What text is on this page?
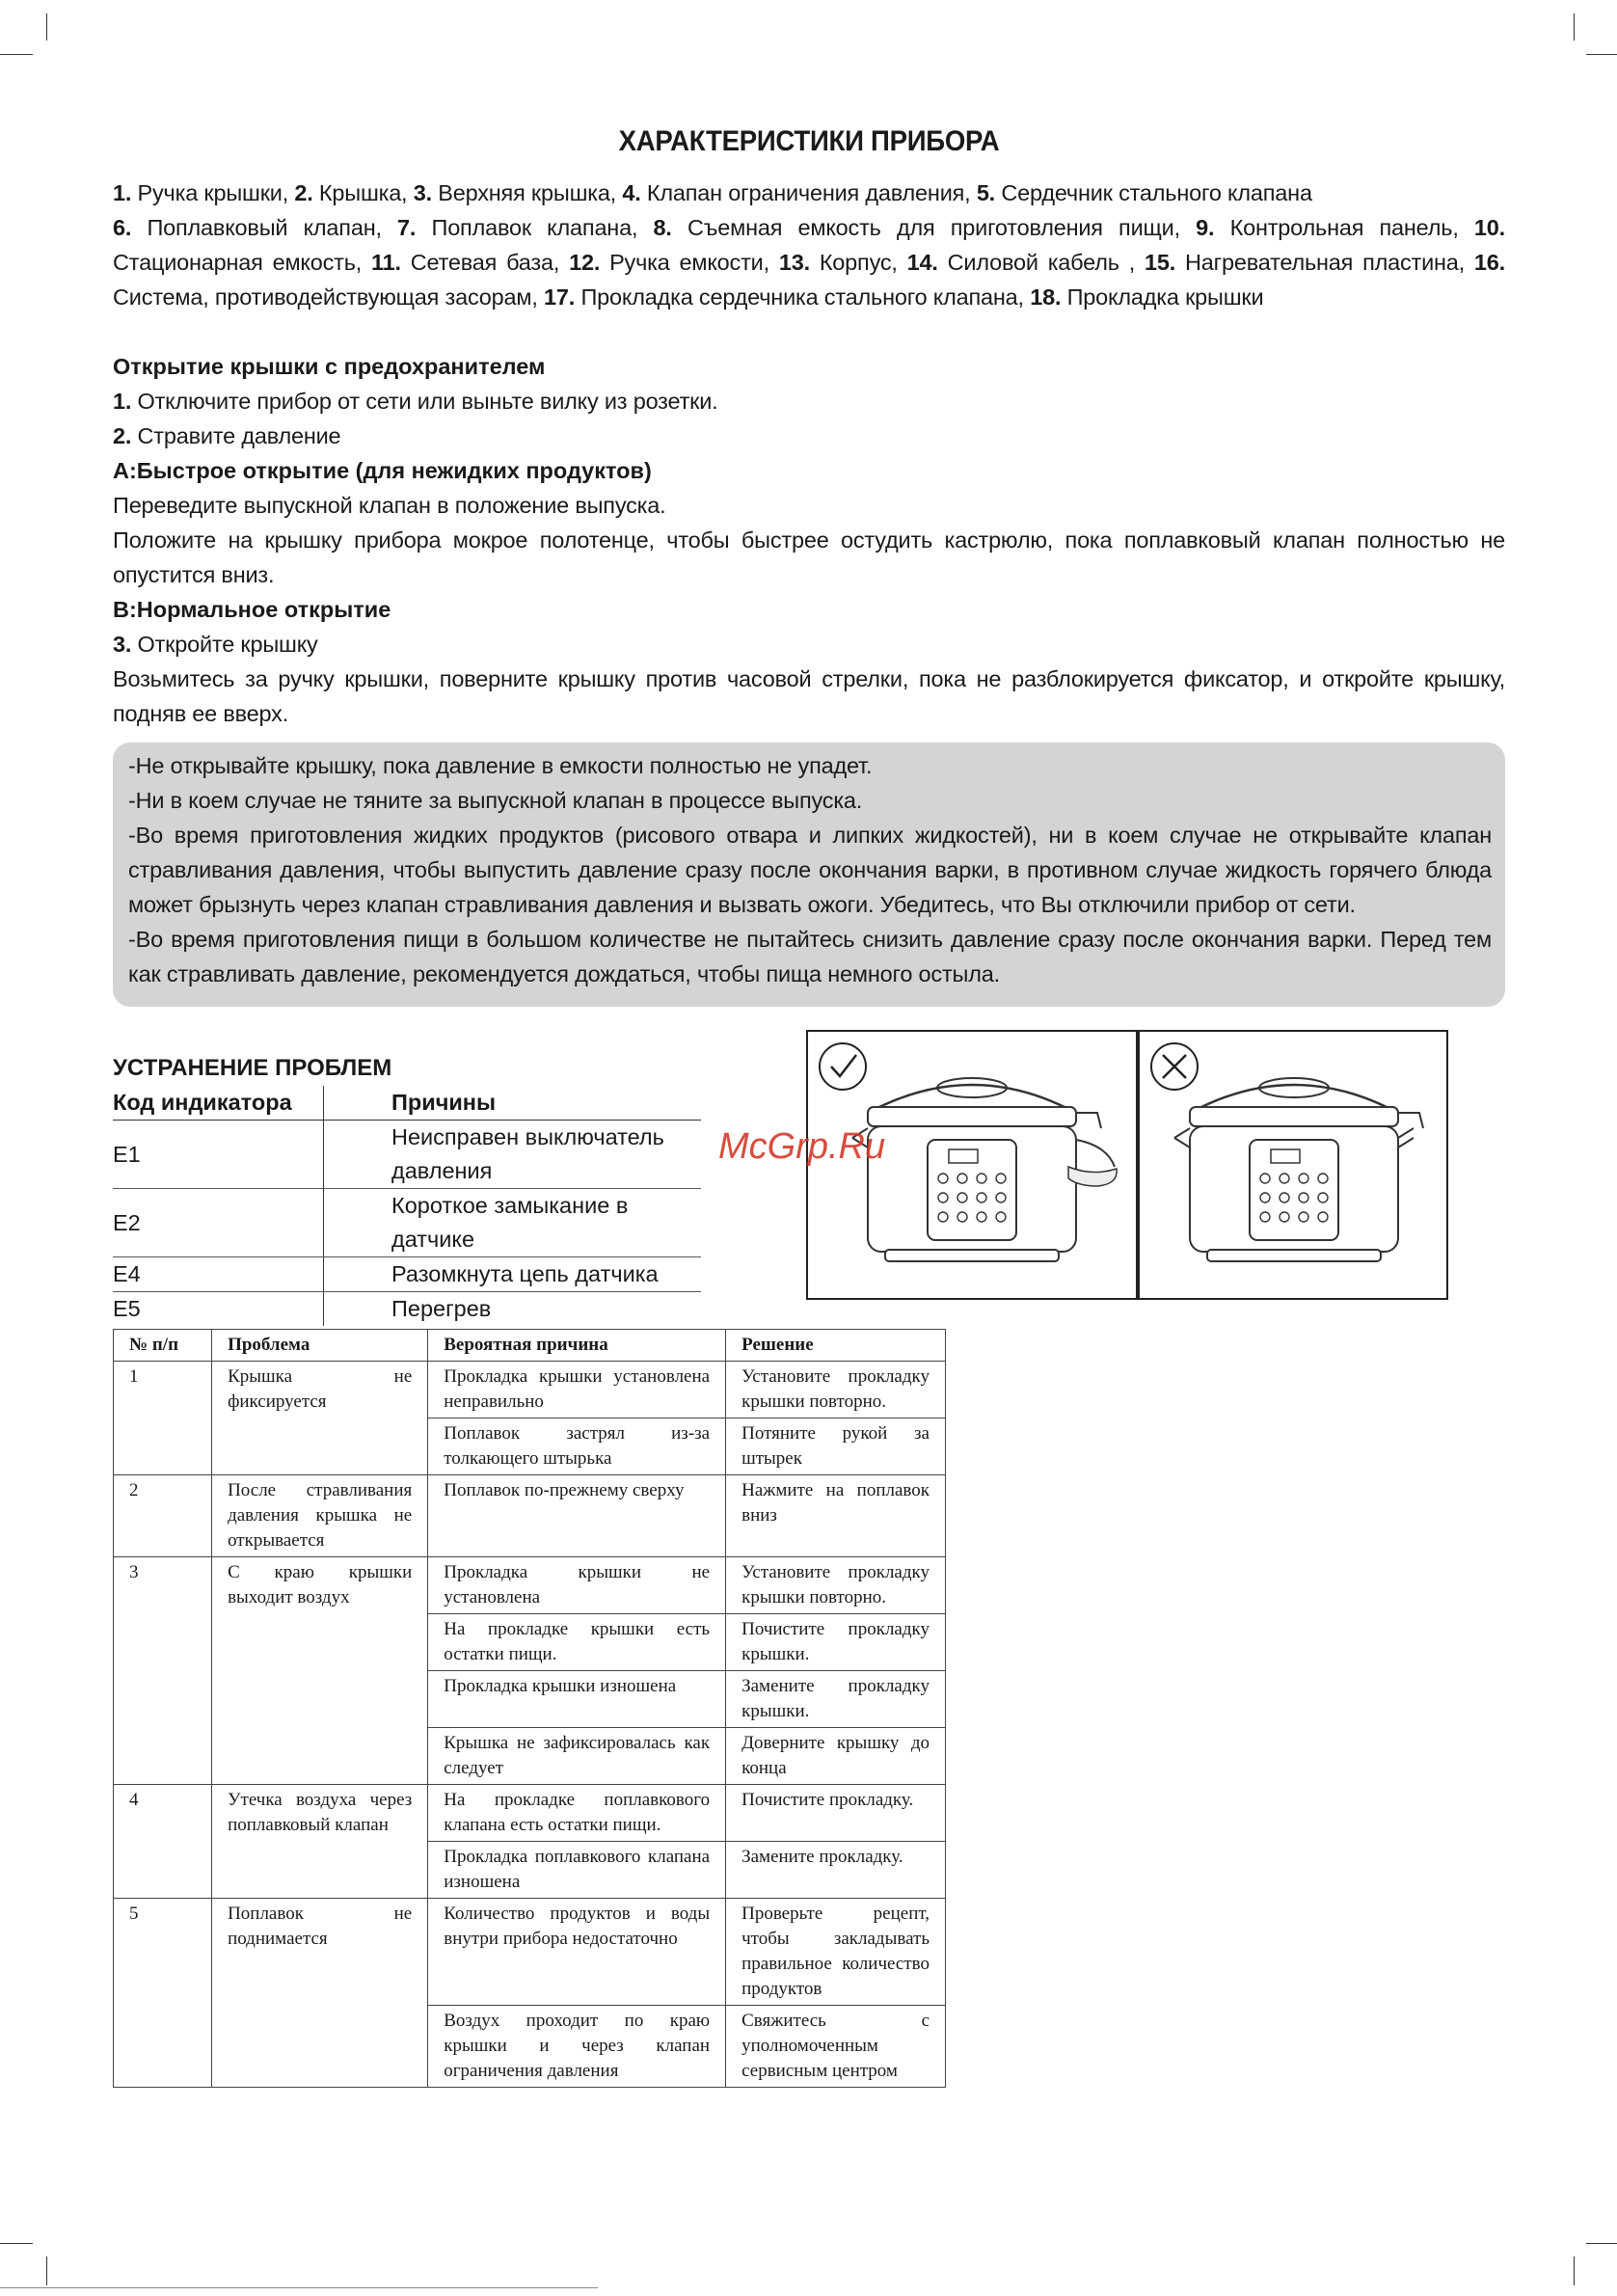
ХАРАКТЕРИСТИКИ ПРИБОРА

1. Ручка крышки, 2. Крышка, 3. Верхняя крышка, 4. Клапан ограничения давления, 5. Сердечник стального клапана
6. Поплавковый клапан, 7. Поплавок клапана, 8. Съемная емкость для приготовления пищи, 9. Контрольная панель, 10. Стационарная емкость, 11. Сетевая база, 12. Ручка емкости, 13. Корпус, 14. Силовой кабель , 15. Нагревательная пластина, 16. Система, противодействующая засорам, 17. Прокладка сердечника стального клапана, 18. Прокладка крышки

Открытие крышки с предохранителем

1. Отключите прибор от сети или выньте вилку из розетки.

2. Стравите давление

А:Быстрое открытие (для нежидких продуктов)

Переведите выпускной клапан в положение выпуска.

Положите на крышку прибора мокрое полотенце, чтобы быстрее остудить кастрюлю, пока поплавковый клапан полностью не опустится вниз.

В:Нормальное открытие

3. Откройте крышку

Возьмитесь за ручку крышки, поверните крышку против часовой стрелки, пока не разблокируется фиксатор, и откройте крышку, подняв ее вверх.

-Не открывайте крышку, пока давление в емкости полностью не упадет.

-Ни в коем случае не тяните за выпускной клапан в процессе выпуска.

-Во время приготовления жидких продуктов (рисового отвара и липких жидкостей), ни в коем случае не открывайте клапан стравливания давления, чтобы выпустить давление сразу после окончания варки, в противном случае жидкость горячего блюда может брызнуть через клапан стравливания давления и вызвать ожоги. Убедитесь, что Вы отключили прибор от сети.

-Во время приготовления пищи в большом количестве не пытайтесь снизить давление сразу после окончания варки. Перед тем как стравливать давление, рекомендуется дождаться, чтобы пища немного остыла.

УСТРАНЕНИЕ ПРОБЛЕМ
Код индикатора	Причины
E1	Неисправен выключатель давления
E2	Короткое замыкание в датчике
E4	Разомкнута цепь датчика
E5	Перегрев
McGrp.Ru
№ п/п	Проблема	Вероятная причина	Решение
1	Крышка не фиксируется	Прокладка крышки установлена неправильно	Установите прокладку крышки повторно.
		Поплавок застрял из-за толкающего штырька	Потяните рукой за штырек
2	После стравливания давления крышка не открывается	Поплавок по-прежнему сверху	Нажмите на поплавок вниз
3	С краю крышки выходит воздух	Прокладка крышки не установлена	Установите прокладку крышки повторно.
		На прокладке крышки есть остатки пищи.	Почистите прокладку крышки.
		Прокладка крышки изношена	Замените прокладку крышки.
		Крышка не зафиксировалась как следует	Доверните крышку до конца
4	Утечка воздуха через поплавковый клапан	На прокладке поплавкового клапана есть остатки пищи.	Почистите прокладку.
		Прокладка поплавкового клапана изношена	Замените прокладку.
5	Поплавок не поднимается	Количество продуктов и воды внутри прибора недостаточно	Проверьте рецепт, чтобы закладывать правильное количество продуктов
		Воздух проходит по краю крышки и через клапан ограничения давления	Свяжитесь с уполномоченным сервисным центром
